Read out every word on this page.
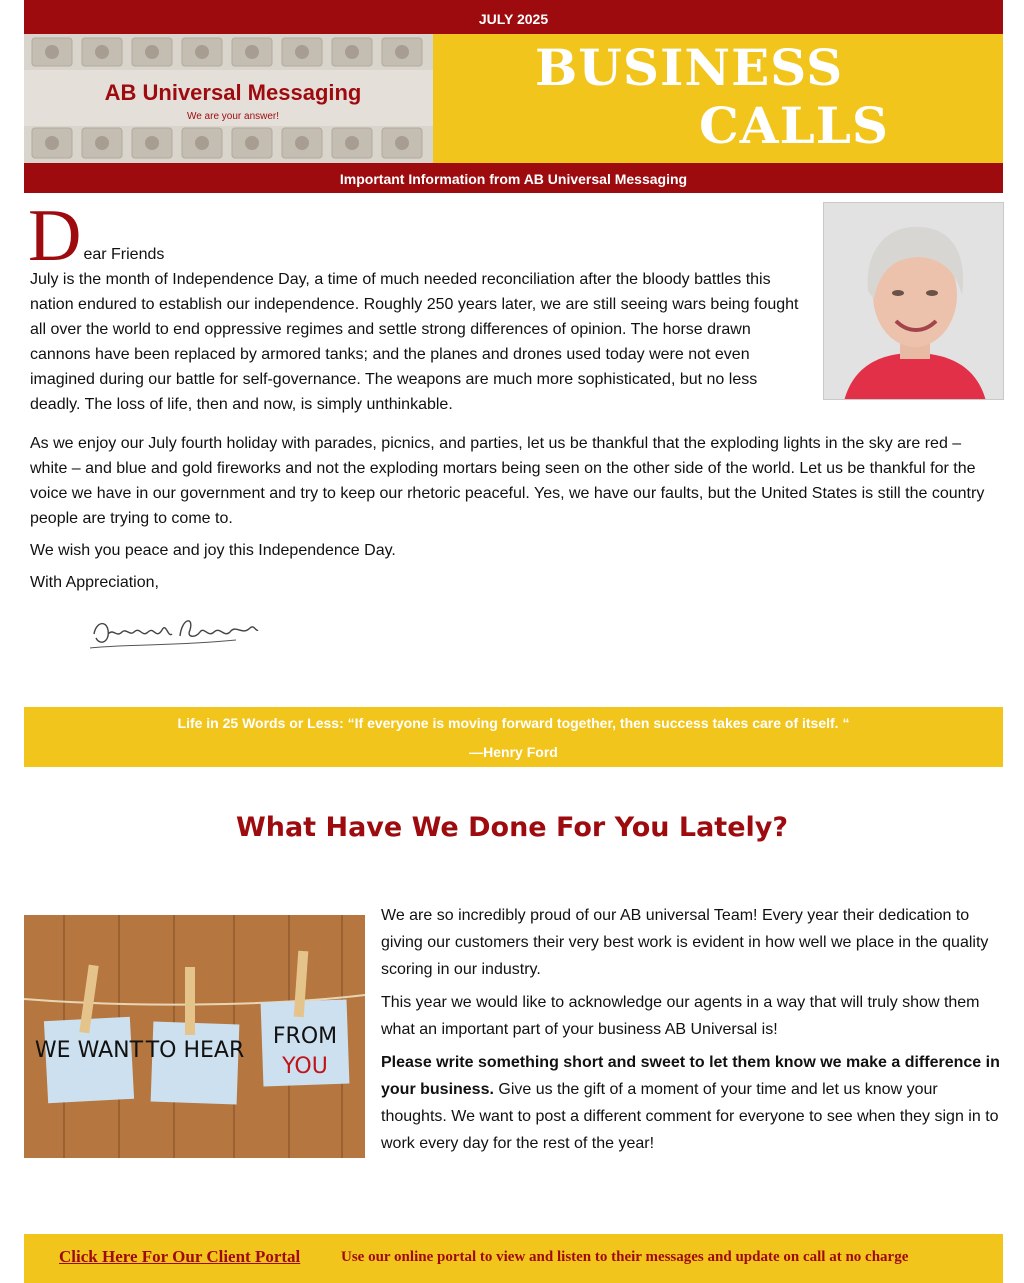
JULY 2025
AB Universal Messaging
We are your answer!
BUSINESS
CALLS
Important Information from AB Universal Messaging
D ear Friends
July is the month of Independence Day, a time of much needed reconciliation after the bloody battles this nation endured to establish our independence. Roughly 250 years later, we are still seeing wars being fought all over the world to end oppressive regimes and settle strong differences of opinion. The horse drawn cannons have been replaced by armored tanks; and the planes and drones used today were not even imagined during our battle for self-governance. The weapons are much more sophisticated, but no less deadly. The loss of life, then and now, is simply unthinkable.

As we enjoy our July fourth holiday with parades, picnics, and parties, let us be thankful that the exploding lights in the sky are red – white – and blue and gold fireworks and not the exploding mortars being seen on the other side of the world. Let us be thankful for the voice we have in our government and try to keep our rhetoric peaceful. Yes, we have our faults, but the United States is still the country people are trying to come to.

We wish you peace and joy this Independence Day.

With Appreciation,

Life in 25 Words or Less: “If everyone is moving forward together, then success takes care of itself. “
—Henry Ford
What Have We Done For You Lately?
WE WANT TO HEAR
FROM
YOU

We are so incredibly proud of our AB universal Team! Every year their dedication to giving our customers their very best work is evident in how well we place in the quality scoring in our industry.

This year we would like to acknowledge our agents in a way that will truly show them what an important part of your business AB Universal is!

Please write something short and sweet to let them know we make a difference in your business. Give us the gift of a moment of your time and let us know your thoughts. We want to post a different comment for everyone to see when they sign in to work every day for the rest of the year!

Click Here For Our Client Portal	Use our online portal to view and listen to their messages and update on call at no charge
